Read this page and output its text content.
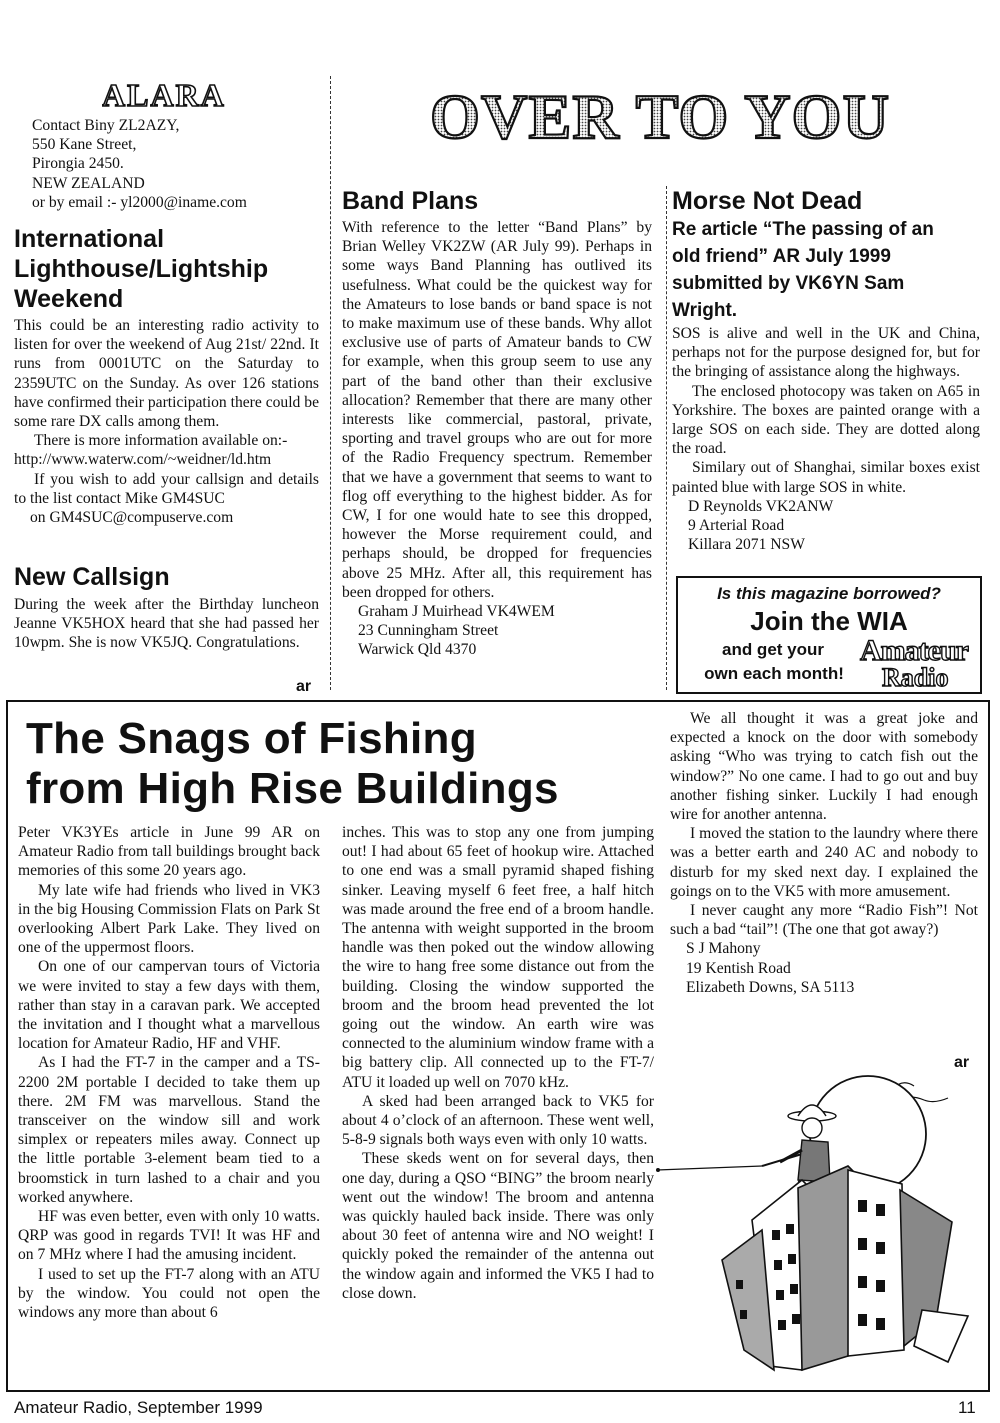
ALARA
Contact Biny ZL2AZY,
550 Kane Street,
Pirongia 2450.
NEW ZEALAND
or by email :- yl2000@iname.com
International
Lighthouse/Lightship
Weekend

This could be an interesting radio activity to listen for over the weekend of Aug 21st/ 22nd. It runs from 0001UTC on the Saturday to 2359UTC on the Sunday. As over 126 stations have confirmed their participation there could be some rare DX calls among them.

There is more information available on:-

http://www.waterw.com/~weidner/ld.htm

If you wish to add your callsign and details to the list contact Mike GM4SUC

on GM4SUC@compuserve.com

New Callsign

During the week after the Birthday luncheon Jeanne VK5HOX heard that she had passed her 10wpm. She is now VK5JQ. Congratulations.

ar
OVER TO YOU
Band Plans

With reference to the letter “Band Plans” by Brian Welley VK2ZW (AR July 99). Perhaps in some ways Band Planning has outlived its usefulness. What could be the quickest way for the Amateurs to lose bands or band space is not to make maximum use of these bands. Why allot exclusive use of parts of Amateur bands to CW for example, when this group seem to use any part of the band other than their exclusive allocation? Remember that there are many other interests like commercial, pastoral, private, sporting and travel groups who are out for more of the Radio Frequency spectrum. Remember that we have a government that seems to want to flog off everything to the highest bidder. As for CW, I for one would hate to see this dropped, however the Morse requirement could, and perhaps should, be dropped for frequencies above 25 MHz. After all, this requirement has been dropped for others.

Graham J Muirhead VK4WEM
23 Cunningham Street
Warwick Qld 4370
Morse Not Dead
Re article “The passing of an
old friend” AR July 1999
submitted by VK6YN Sam
Wright.

SOS is alive and well in the UK and China, perhaps not for the purpose designed for, but for the bringing of assistance along the highways.

The enclosed photocopy was taken on A65 in Yorkshire. The boxes are painted orange with a large SOS on each side. They are dotted along the road.

Similary out of Shanghai, similar boxes exist painted blue with large SOS in white.

D Reynolds VK2ANW
9 Arterial Road
Killara 2071 NSW
Is this magazine borrowed?
Join the WIA
and get your
own each month!
Amateur
Radio
The Snags of Fishing
from High Rise Buildings

Peter VK3YEs article in June 99 AR on Amateur Radio from tall buildings brought back memories of this some 20 years ago.

My late wife had friends who lived in VK3 in the big Housing Commission Flats on Park St overlooking Albert Park Lake. They lived on one of the uppermost floors.

On one of our campervan tours of Victoria we were invited to stay a few days with them, rather than stay in a caravan park. We accepted the invitation and I thought what a marvellous location for Amateur Radio, HF and VHF.

As I had the FT-7 in the camper and a TS-2200 2M portable I decided to take them up there. 2M FM was marvellous. Stand the transceiver on the window sill and work simplex or repeaters miles away. Connect up the little portable 3-element beam tied to a broomstick in turn lashed to a chair and you worked anywhere.

HF was even better, even with only 10 watts. QRP was good in regards TVI! It was HF and on 7 MHz where I had the amusing incident.

I used to set up the FT-7 along with an ATU by the window. You could not open the windows any more than about 6

inches. This was to stop any one from jumping out! I had about 65 feet of hookup wire. Attached to one end was a small pyramid shaped fishing sinker. Leaving myself 6 feet free, a half hitch was made around the free end of a broom handle. The antenna with weight supported in the broom handle was then poked out the window allowing the wire to hang free some distance out from the building. Closing the window supported the broom and the broom head prevented the lot going out the window. An earth wire was connected to the aluminium window frame with a big battery clip. All connected up to the FT-7/ ATU it loaded up well on 7070 kHz.

A sked had been arranged back to VK5 for about 4 o’clock of an afternoon. These went well, 5-8-9 signals both ways even with only 10 watts.

These skeds went on for several days, then one day, during a QSO “BING” the broom nearly went out the window! The broom and antenna was quickly hauled back inside. There was only about 30 feet of antenna wire and NO weight! I quickly poked the remainder of the antenna out the window again and informed the VK5 I had to close down.

We all thought it was a great joke and expected a knock on the door with somebody asking “Who was trying to catch fish out the window?” No one came. I had to go out and buy another fishing sinker. Luckily I had enough wire for another antenna.

I moved the station to the laundry where there was a better earth and 240 AC and nobody to disturb for my sked next day. I explained the goings on to the VK5 with more amusement.

I never caught any more “Radio Fish”! Not such a bad “tail”! (The one that got away?)

S J Mahony
19 Kentish Road
Elizabeth Downs, SA 5113
ar
Amateur Radio, September 1999	11
